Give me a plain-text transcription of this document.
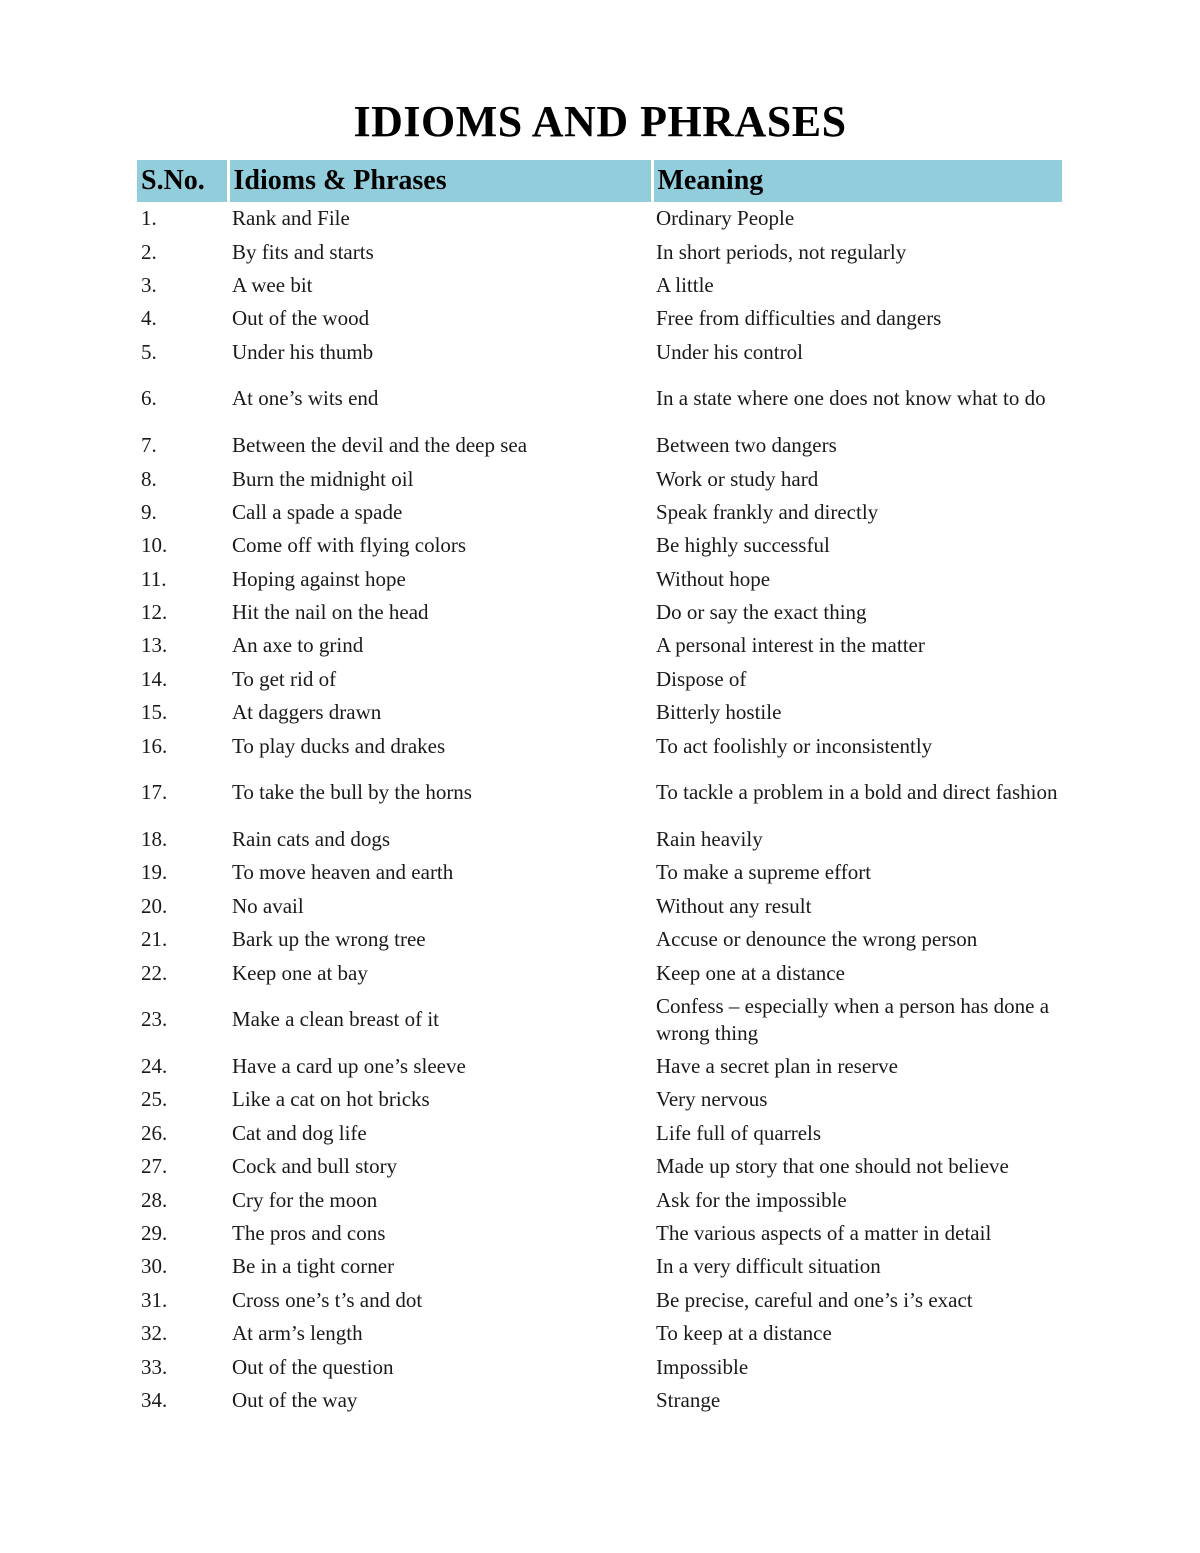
IDIOMS AND PHRASES
S.No.	Idioms & Phrases	Meaning
1.	Rank and File	Ordinary People
2.	By fits and starts	In short periods, not regularly
3.	A wee bit	A little
4.	Out of the wood	Free from difficulties and dangers
5.	Under his thumb	Under his control
6.	At one’s wits end	In a state where one does not know what to do
7.	Between the devil and the deep sea	Between two dangers
8.	Burn the midnight oil	Work or study hard
9.	Call a spade a spade	Speak frankly and directly
10.	Come off with flying colors	Be highly successful
11.	Hoping against hope	Without hope
12.	Hit the nail on the head	Do or say the exact thing
13.	An axe to grind	A personal interest in the matter
14.	To get rid of	Dispose of
15.	At daggers drawn	Bitterly hostile
16.	To play ducks and drakes	To act foolishly or inconsistently
17.	To take the bull by the horns	To tackle a problem in a bold and direct fashion
18.	Rain cats and dogs	Rain heavily
19.	To move heaven and earth	To make a supreme effort
20.	No avail	Without any result
21.	Bark up the wrong tree	Accuse or denounce the wrong person
22.	Keep one at bay	Keep one at a distance
23.	Make a clean breast of it	Confess – especially when a person has done a wrong thing
24.	Have a card up one’s sleeve	Have a secret plan in reserve
25.	Like a cat on hot bricks	Very nervous
26.	Cat and dog life	Life full of quarrels
27.	Cock and bull story	Made up story that one should not believe
28.	Cry for the moon	Ask for the impossible
29.	The pros and cons	The various aspects of a matter in detail
30.	Be in a tight corner	In a very difficult situation
31.	Cross one’s t’s and dot	Be precise, careful and one’s i’s exact
32.	At arm’s length	To keep at a distance
33.	Out of the question	Impossible
34.	Out of the way	Strange
